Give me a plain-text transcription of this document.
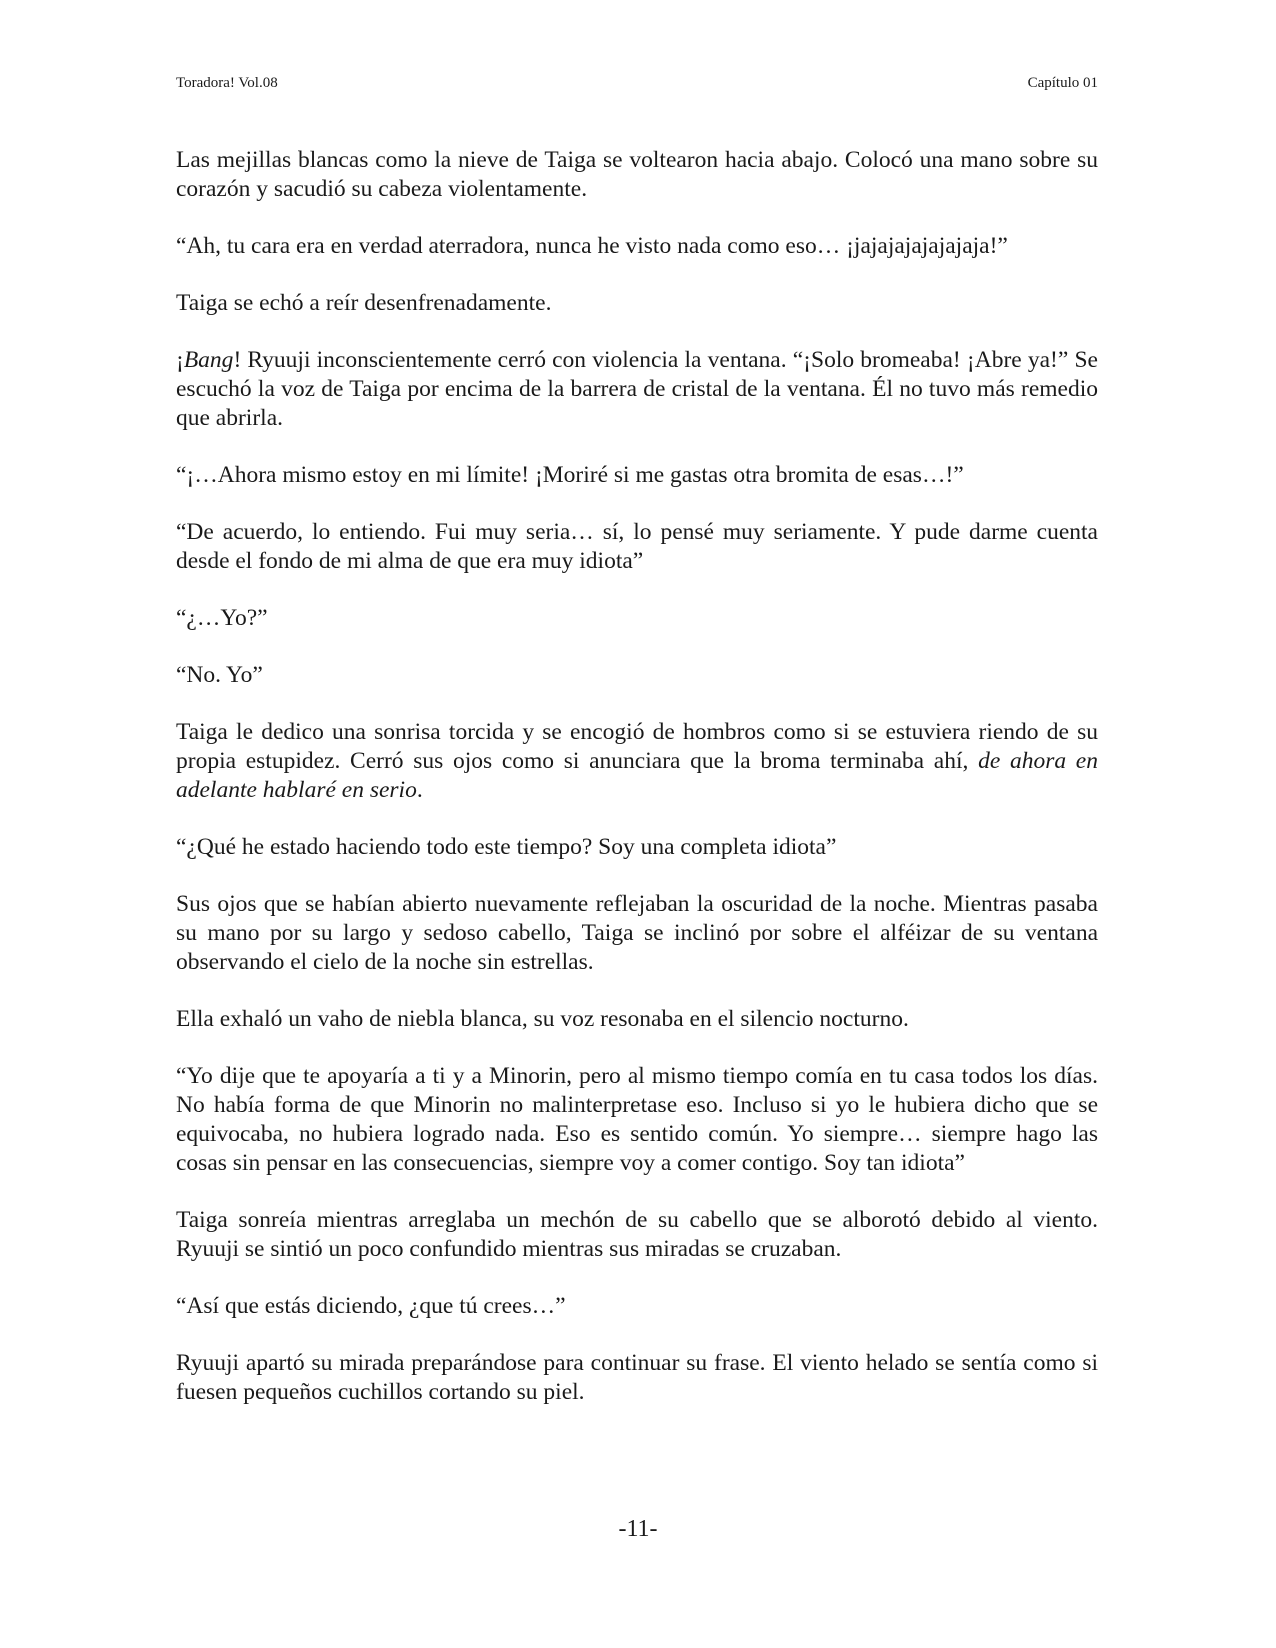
Toradora! Vol.08	Capítulo 01

Las mejillas blancas como la nieve de Taiga se voltearon hacia abajo. Colocó una mano sobre su corazón y sacudió su cabeza violentamente.

“Ah, tu cara era en verdad aterradora, nunca he visto nada como eso… ¡jajajajajajajaja!”

Taiga se echó a reír desenfrenadamente.

¡Bang! Ryuuji inconscientemente cerró con violencia la ventana. “¡Solo bromeaba! ¡Abre ya!” Se escuchó la voz de Taiga por encima de la barrera de cristal de la ventana. Él no tuvo más remedio que abrirla.

“¡…Ahora mismo estoy en mi límite! ¡Moriré si me gastas otra bromita de esas…!”

“De acuerdo, lo entiendo. Fui muy seria… sí, lo pensé muy seriamente. Y pude darme cuenta desde el fondo de mi alma de que era muy idiota”

“¿…Yo?”

“No. Yo”

Taiga le dedico una sonrisa torcida y se encogió de hombros como si se estuviera riendo de su propia estupidez. Cerró sus ojos como si anunciara que la broma terminaba ahí, de ahora en adelante hablaré en serio.

“¿Qué he estado haciendo todo este tiempo? Soy una completa idiota”

Sus ojos que se habían abierto nuevamente reflejaban la oscuridad de la noche. Mientras pasaba su mano por su largo y sedoso cabello, Taiga se inclinó por sobre el alféizar de su ventana observando el cielo de la noche sin estrellas.

Ella exhaló un vaho de niebla blanca, su voz resonaba en el silencio nocturno.

“Yo dije que te apoyaría a ti y a Minorin, pero al mismo tiempo comía en tu casa todos los días. No había forma de que Minorin no malinterpretase eso. Incluso si yo le hubiera dicho que se equivocaba, no hubiera logrado nada. Eso es sentido común. Yo siempre… siempre hago las cosas sin pensar en las consecuencias, siempre voy a comer contigo. Soy tan idiota”

Taiga sonreía mientras arreglaba un mechón de su cabello que se alborotó debido al viento. Ryuuji se sintió un poco confundido mientras sus miradas se cruzaban.

“Así que estás diciendo, ¿que tú crees…”

Ryuuji apartó su mirada preparándose para continuar su frase. El viento helado se sentía como si fuesen pequeños cuchillos cortando su piel.

-11-
